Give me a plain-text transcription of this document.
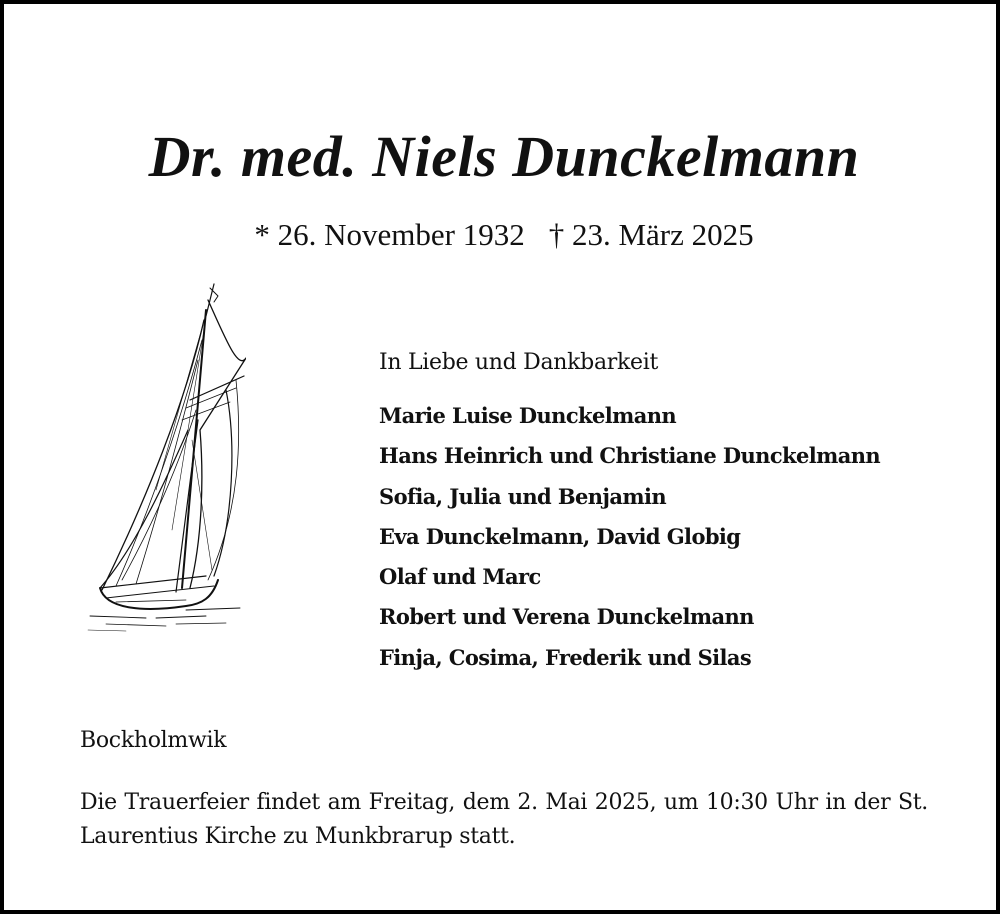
Dr. med. Niels Dunckelmann
* 26. November 1932 † 23. März 2025
In Liebe und Dankbarkeit
Marie Luise Dunckelmann
Hans Heinrich und Christiane Dunckelmann
Sofia, Julia und Benjamin
Eva Dunckelmann, David Globig
Olaf und Marc
Robert und Verena Dunckelmann
Finja, Cosima, Frederik und Silas
Bockholmwik
Die Trauerfeier findet am Freitag, dem 2. Mai 2025, um 10:30 Uhr in der St. Laurentius Kirche zu Munkbrarup statt.
